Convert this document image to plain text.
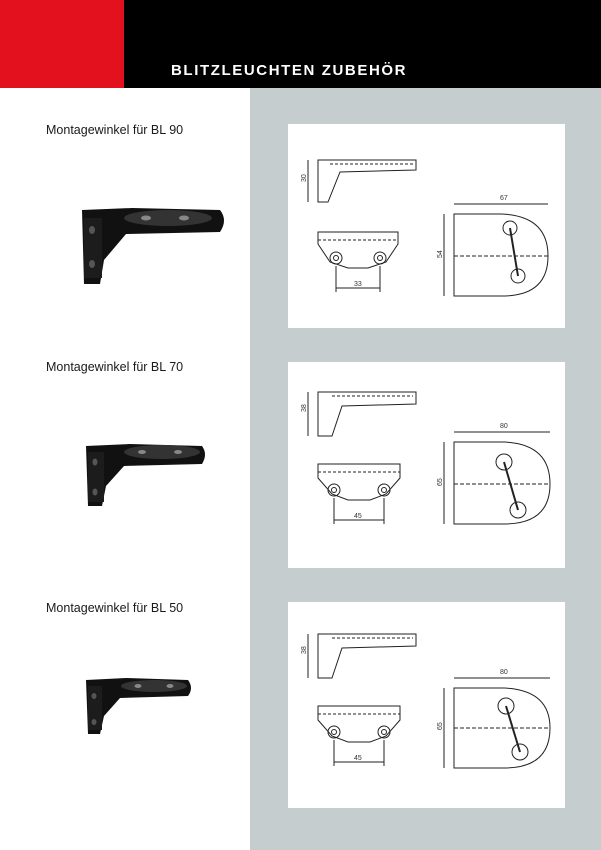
BLITZLEUCHTEN ZUBEHÖR
Montagewinkel für BL 90
30
33
67
54
Montagewinkel für BL 70
38
45
80
65
Montagewinkel für BL 50
38
45
80
65
